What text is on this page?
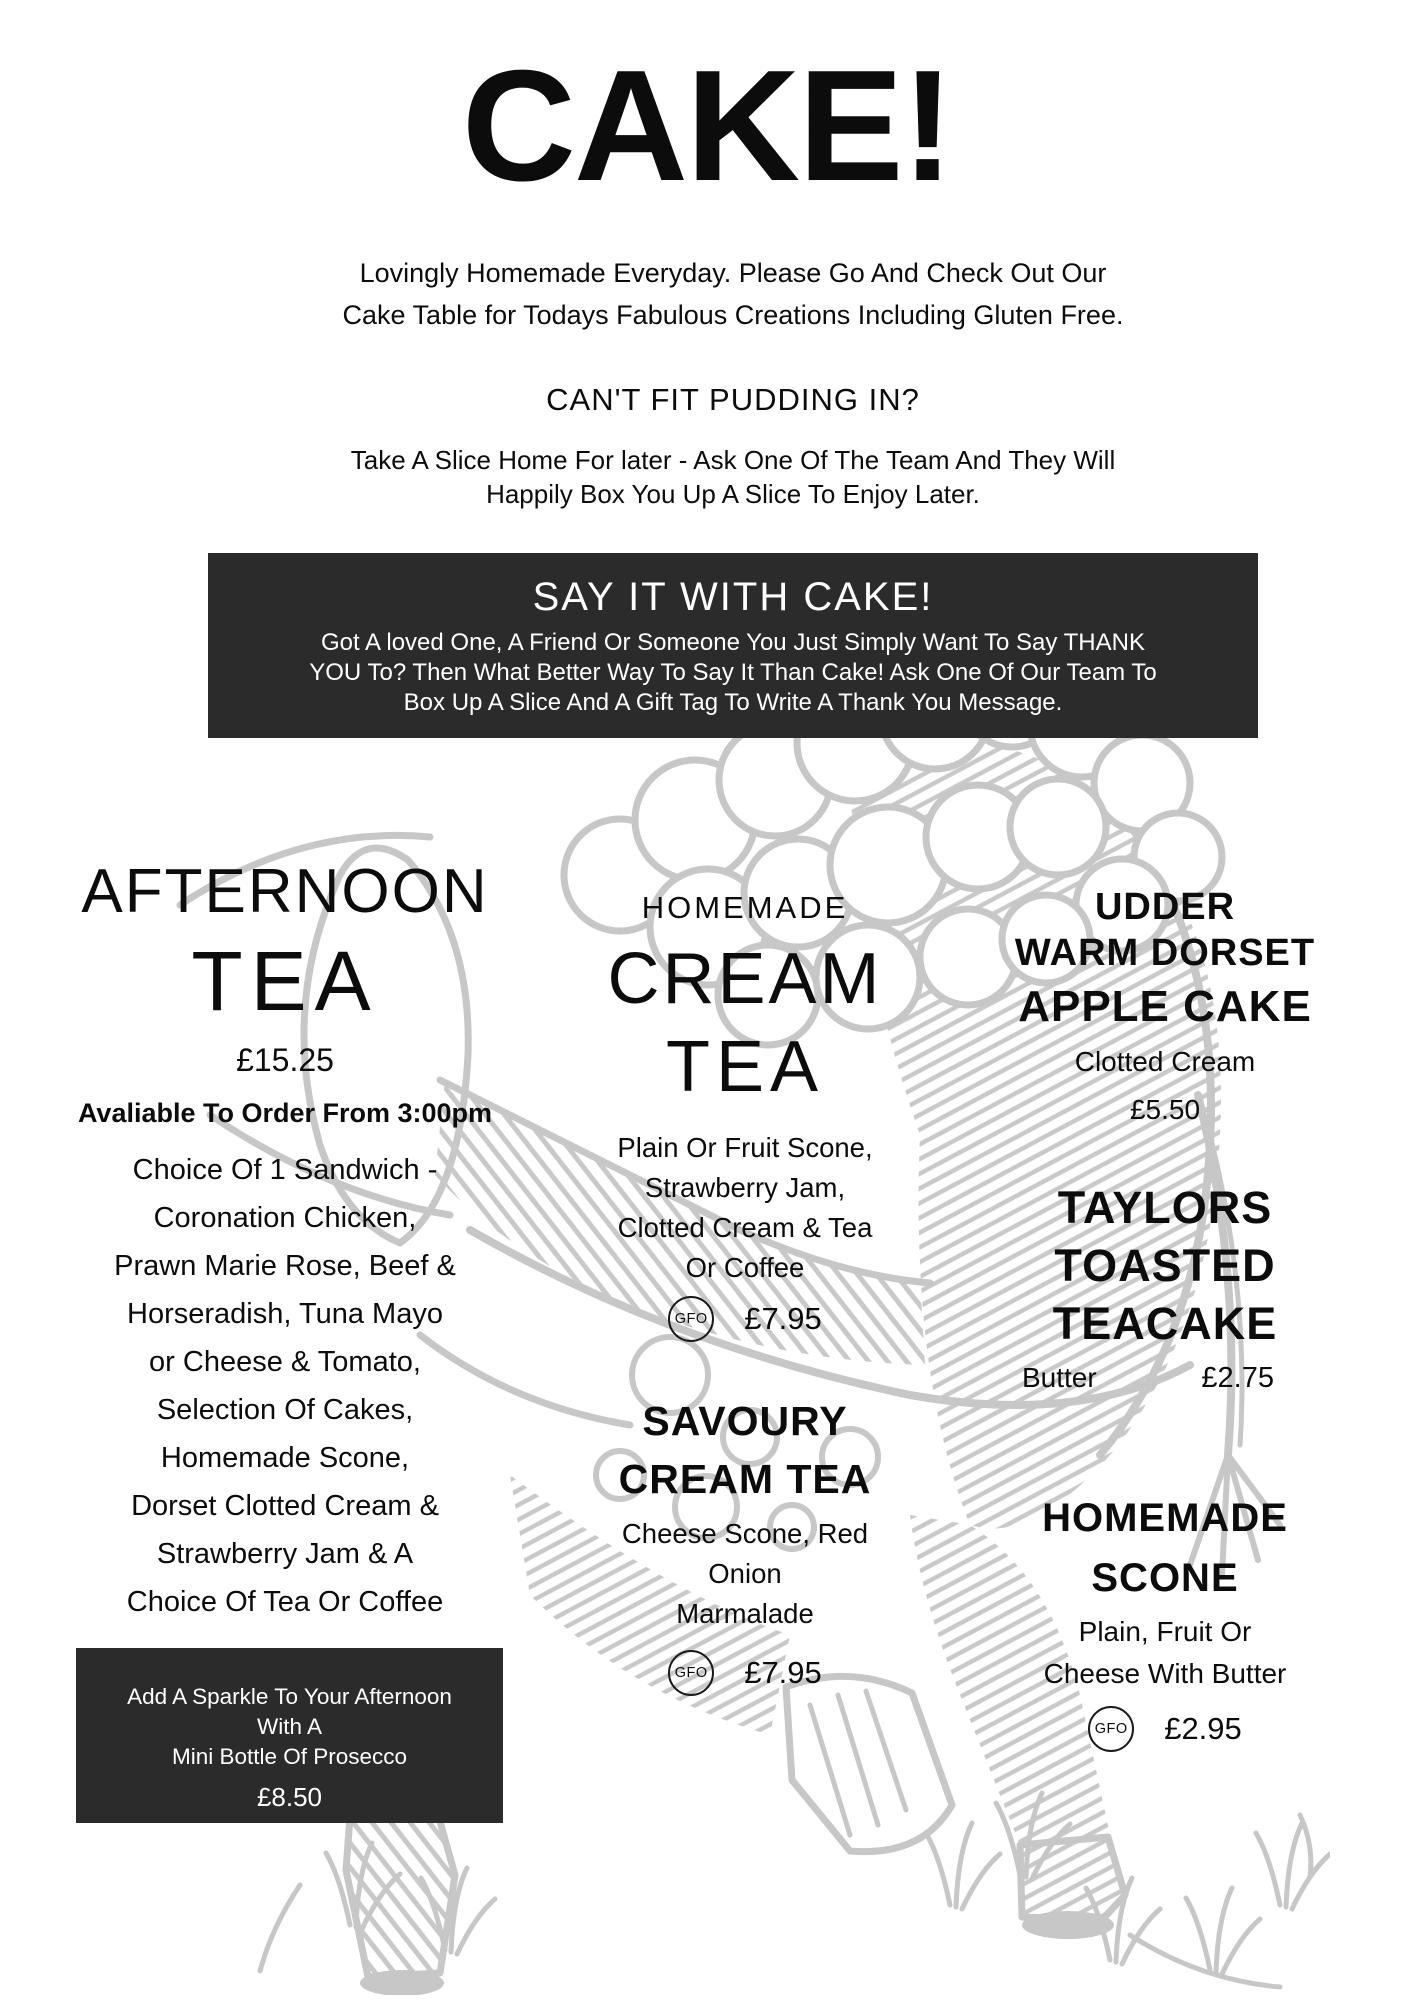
CAKE!
Lovingly Homemade Everyday. Please Go And Check Out Our
Cake Table for Todays Fabulous Creations Including Gluten Free.
CAN'T FIT PUDDING IN?
Take A Slice Home For later - Ask One Of The Team And They Will
Happily Box You Up A Slice To Enjoy Later.
SAY IT WITH CAKE!
Got A loved One, A Friend Or Someone You Just Simply Want To Say THANK
YOU To? Then What Better Way To Say It Than Cake! Ask One Of Our Team To
Box Up A Slice And A Gift Tag To Write A Thank You Message.
AFTERNOON
TEA
£15.25
Avaliable To Order From 3:00pm
Choice Of 1 Sandwich -
Coronation Chicken,
Prawn Marie Rose, Beef &
Horseradish, Tuna Mayo
or Cheese & Tomato,
Selection Of Cakes,
Homemade Scone,
Dorset Clotted Cream &
Strawberry Jam & A
Choice Of Tea Or Coffee
Add A Sparkle To Your Afternoon
With A
Mini Bottle Of Prosecco
£8.50
HOMEMADE
CREAM
TEA
Plain Or Fruit Scone,
Strawberry Jam,
Clotted Cream & Tea
Or Coffee
GFO £7.95
SAVOURY
CREAM TEA
Cheese Scone, Red
Onion
Marmalade
GFO £7.95
UDDER
WARM DORSET
APPLE CAKE
Clotted Cream
£5.50
TAYLORS
TOASTED
TEACAKE
Butter	£2.75
HOMEMADE
SCONE
Plain, Fruit Or
Cheese With Butter
GFO £2.95
